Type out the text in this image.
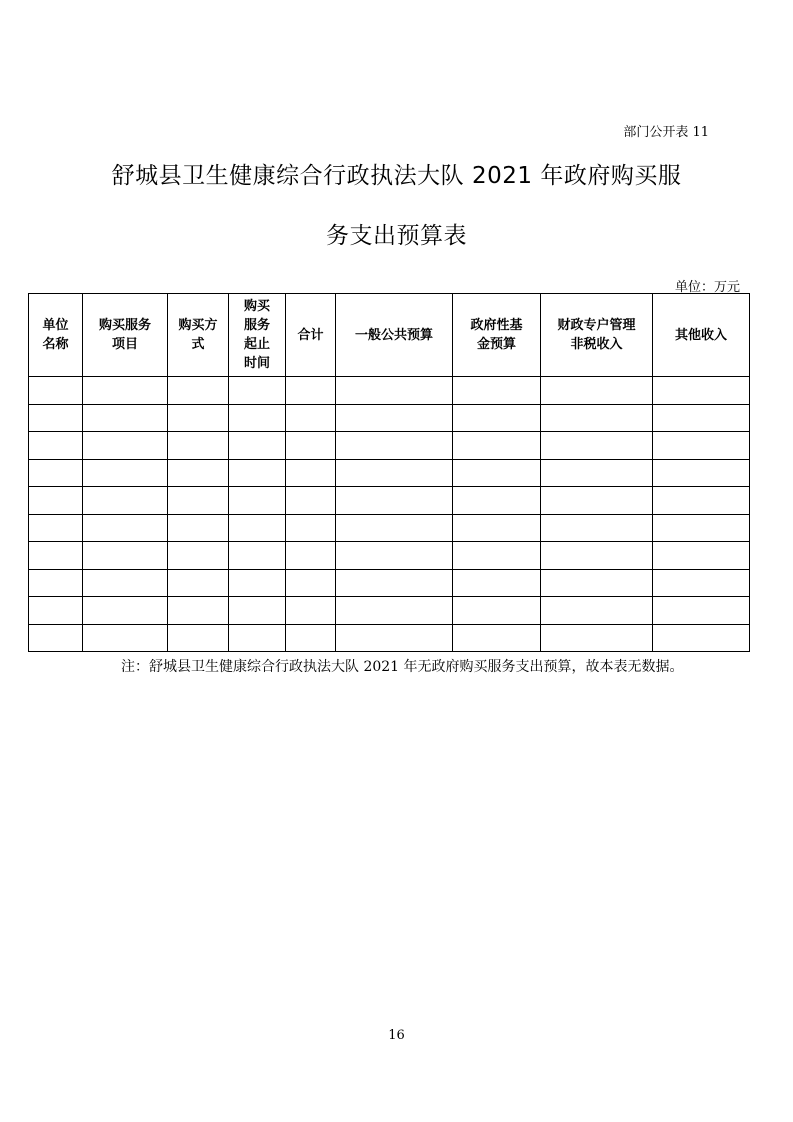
部门公开表 11
舒城县卫生健康综合行政执法大队 2021 年政府购买服
务支出预算表
单位：万元
单位名称	购买服务项目	购买方式	购买服务起止时间	合计	一般公共预算	政府性基金预算	财政专户管理非税收入	其他收入

注：舒城县卫生健康综合行政执法大队 2021 年无政府购买服务支出预算，故本表无数据。
16
